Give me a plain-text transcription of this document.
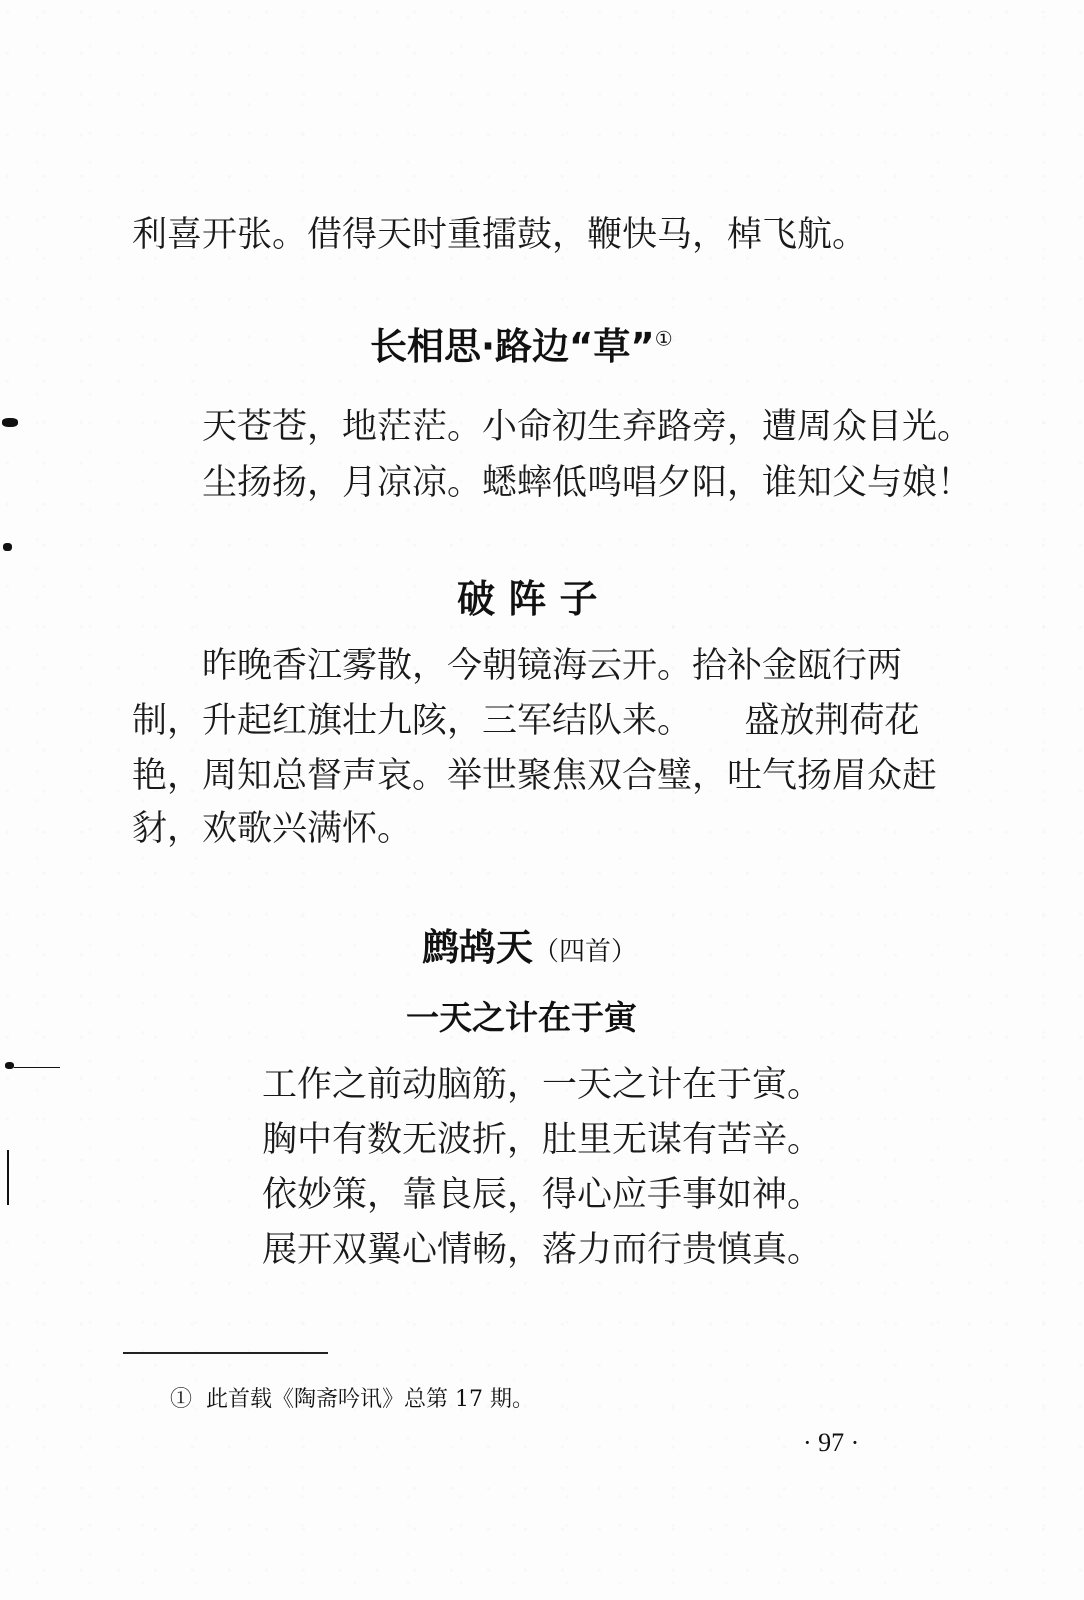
利喜开张。借得天时重擂鼓，鞭快马，棹飞航。

长相思·路边“草”①

天苍苍，地茫茫。小命初生弃路旁，遭周众目光。

尘扬扬，月凉凉。蟋蟀低鸣唱夕阳，谁知父与娘！

破 阵 子

昨晚香江雾散，今朝镜海云开。拾补金瓯行两

制，升起红旗壮九陔，三军结队来。　　盛放荆荷花

艳，周知总督声哀。举世聚焦双合璧，吐气扬眉众赶

豺，欢歌兴满怀。

鹧鸪天（四首）
一天之计在于寅

工作之前动脑筋，一天之计在于寅。

胸中有数无波折，肚里无谋有苦辛。

依妙策，靠良辰，得心应手事如神。

展开双翼心情畅，落力而行贵慎真。

① 此首载《陶斋吟讯》总第 17 期。

· 97 ·
